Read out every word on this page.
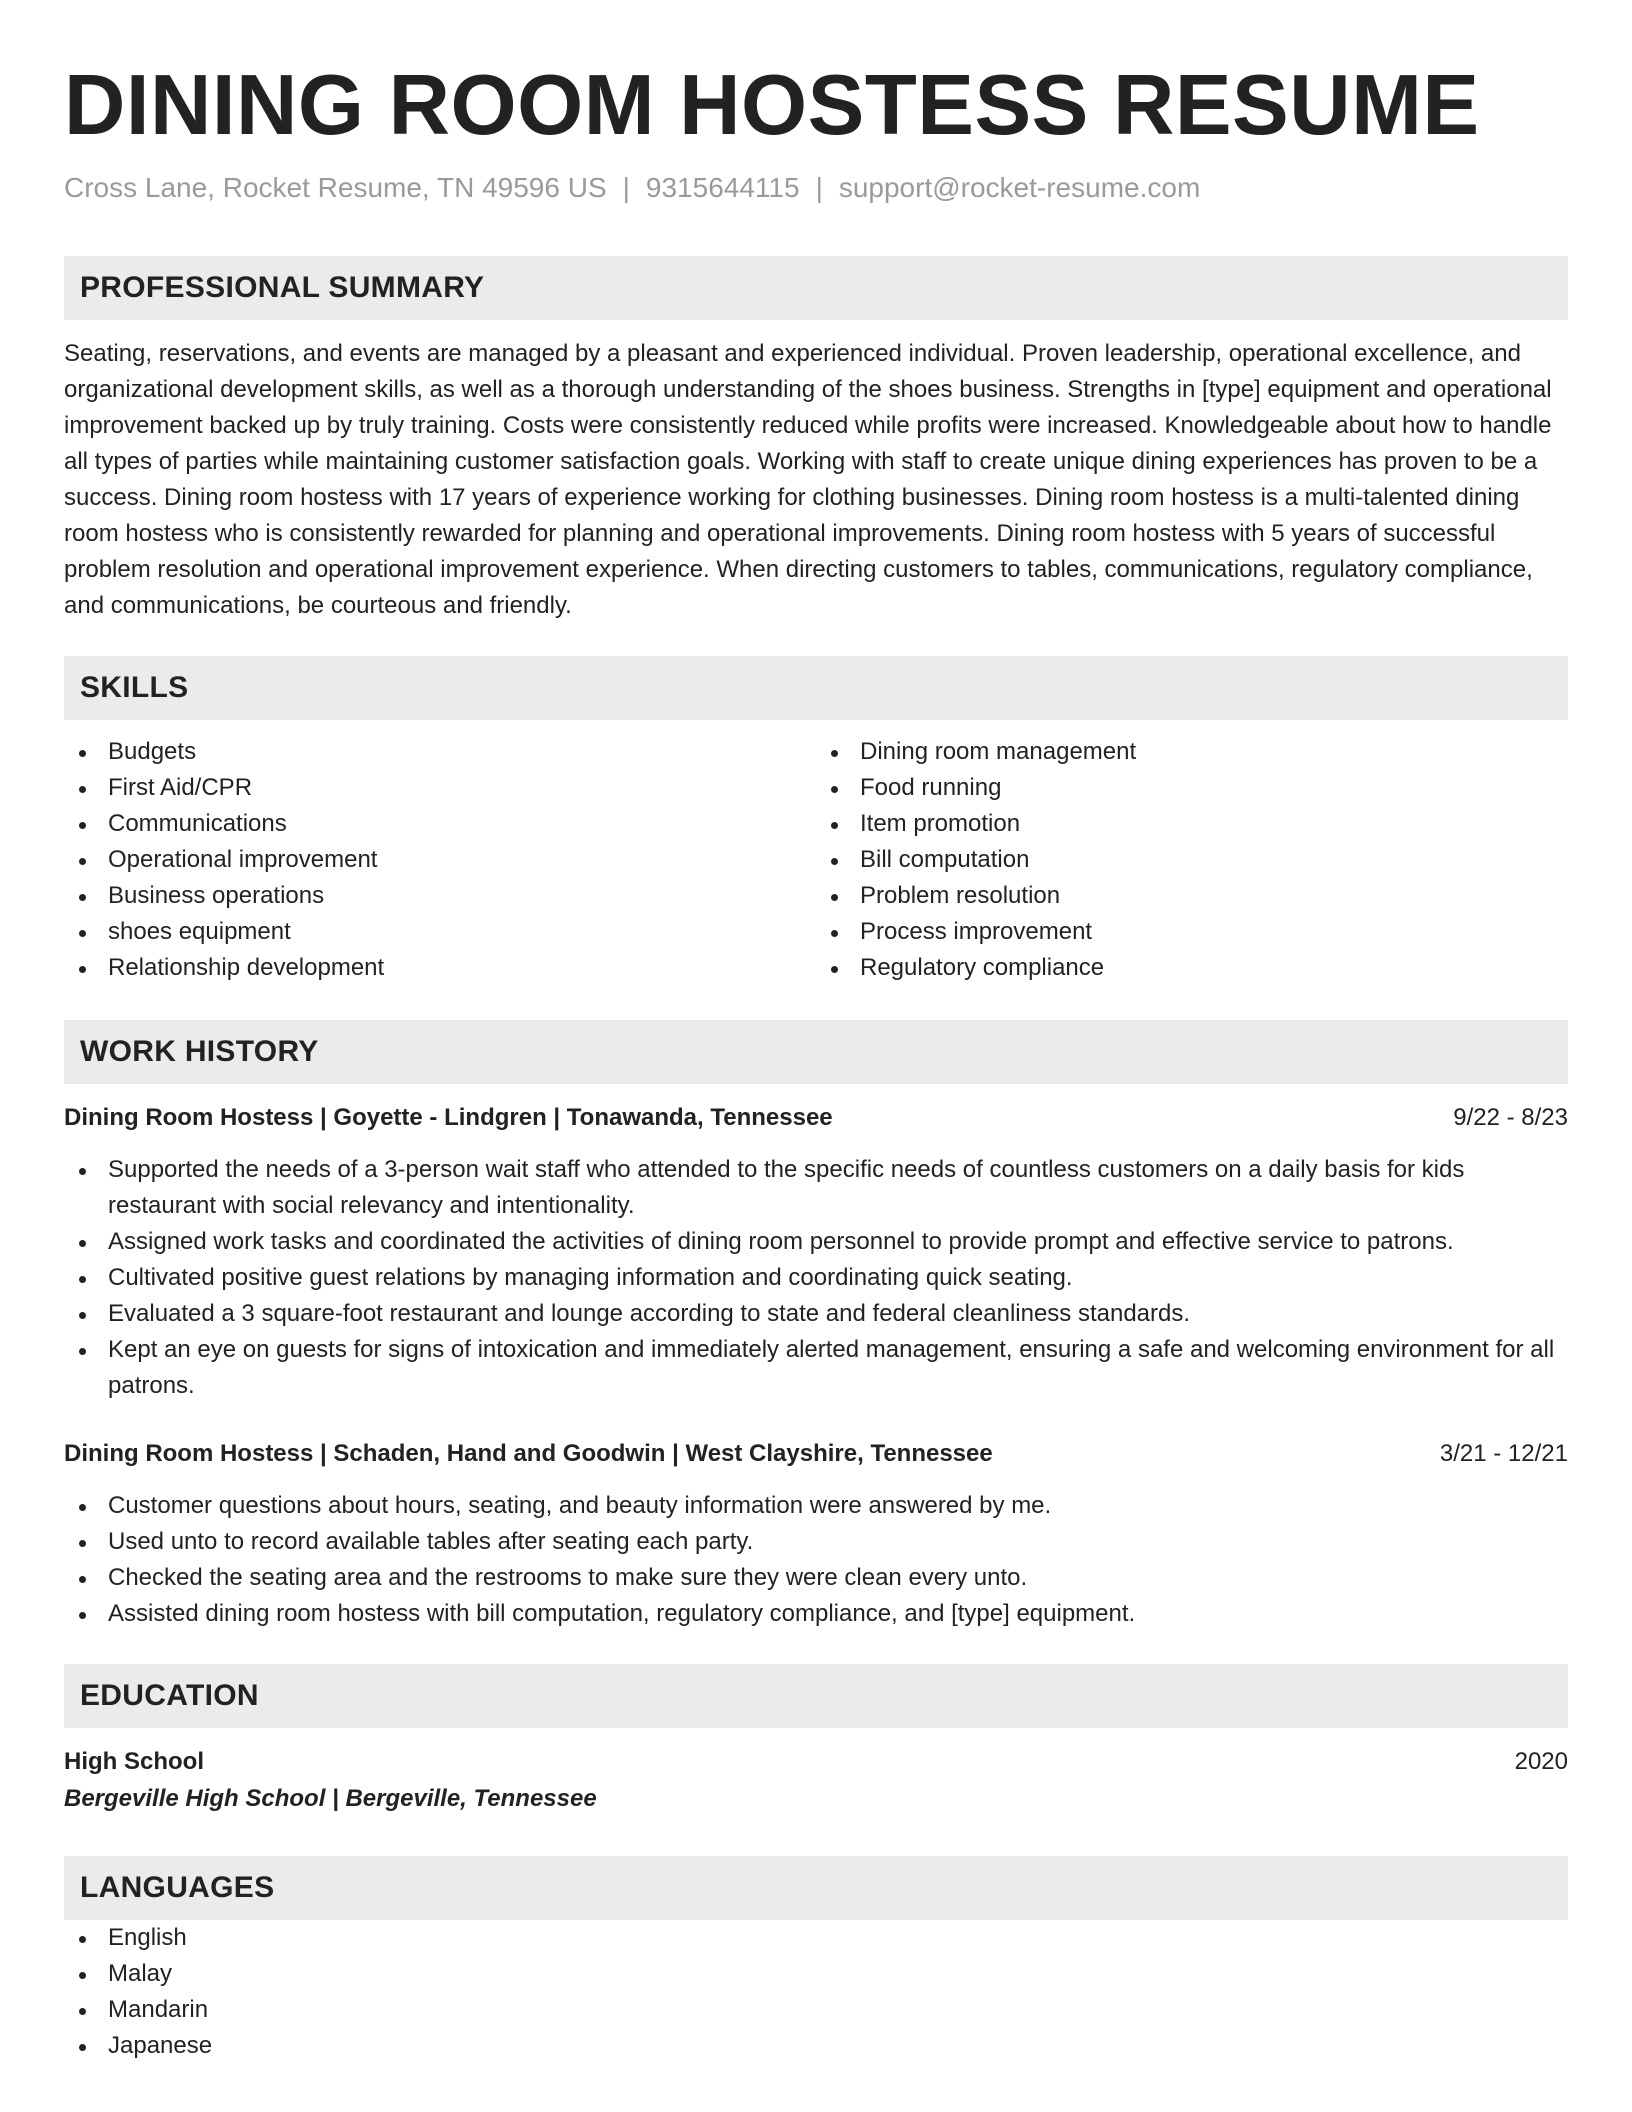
DINING ROOM HOSTESS RESUME
Cross Lane, Rocket Resume, TN 49596 US | 9315644115 | support@rocket-resume.com
PROFESSIONAL SUMMARY
Seating, reservations, and events are managed by a pleasant and experienced individual. Proven leadership, operational excellence, and organizational development skills, as well as a thorough understanding of the shoes business. Strengths in [type] equipment and operational improvement backed up by truly training. Costs were consistently reduced while profits were increased. Knowledgeable about how to handle all types of parties while maintaining customer satisfaction goals. Working with staff to create unique dining experiences has proven to be a success. Dining room hostess with 17 years of experience working for clothing businesses. Dining room hostess is a multi-talented dining room hostess who is consistently rewarded for planning and operational improvements. Dining room hostess with 5 years of successful problem resolution and operational improvement experience. When directing customers to tables, communications, regulatory compliance, and communications, be courteous and friendly.
SKILLS
Budgets
First Aid/CPR
Communications
Operational improvement
Business operations
shoes equipment
Relationship development
Dining room management
Food running
Item promotion
Bill computation
Problem resolution
Process improvement
Regulatory compliance
WORK HISTORY
Dining Room Hostess | Goyette - Lindgren | Tonawanda, Tennessee	9/22 - 8/23
Supported the needs of a 3-person wait staff who attended to the specific needs of countless customers on a daily basis for kids restaurant with social relevancy and intentionality.
Assigned work tasks and coordinated the activities of dining room personnel to provide prompt and effective service to patrons.
Cultivated positive guest relations by managing information and coordinating quick seating.
Evaluated a 3 square-foot restaurant and lounge according to state and federal cleanliness standards.
Kept an eye on guests for signs of intoxication and immediately alerted management, ensuring a safe and welcoming environment for all patrons.
Dining Room Hostess | Schaden, Hand and Goodwin | West Clayshire, Tennessee	3/21 - 12/21
Customer questions about hours, seating, and beauty information were answered by me.
Used unto to record available tables after seating each party.
Checked the seating area and the restrooms to make sure they were clean every unto.
Assisted dining room hostess with bill computation, regulatory compliance, and [type] equipment.
EDUCATION
High School	2020
Bergeville High School | Bergeville, Tennessee
LANGUAGES
English
Malay
Mandarin
Japanese
